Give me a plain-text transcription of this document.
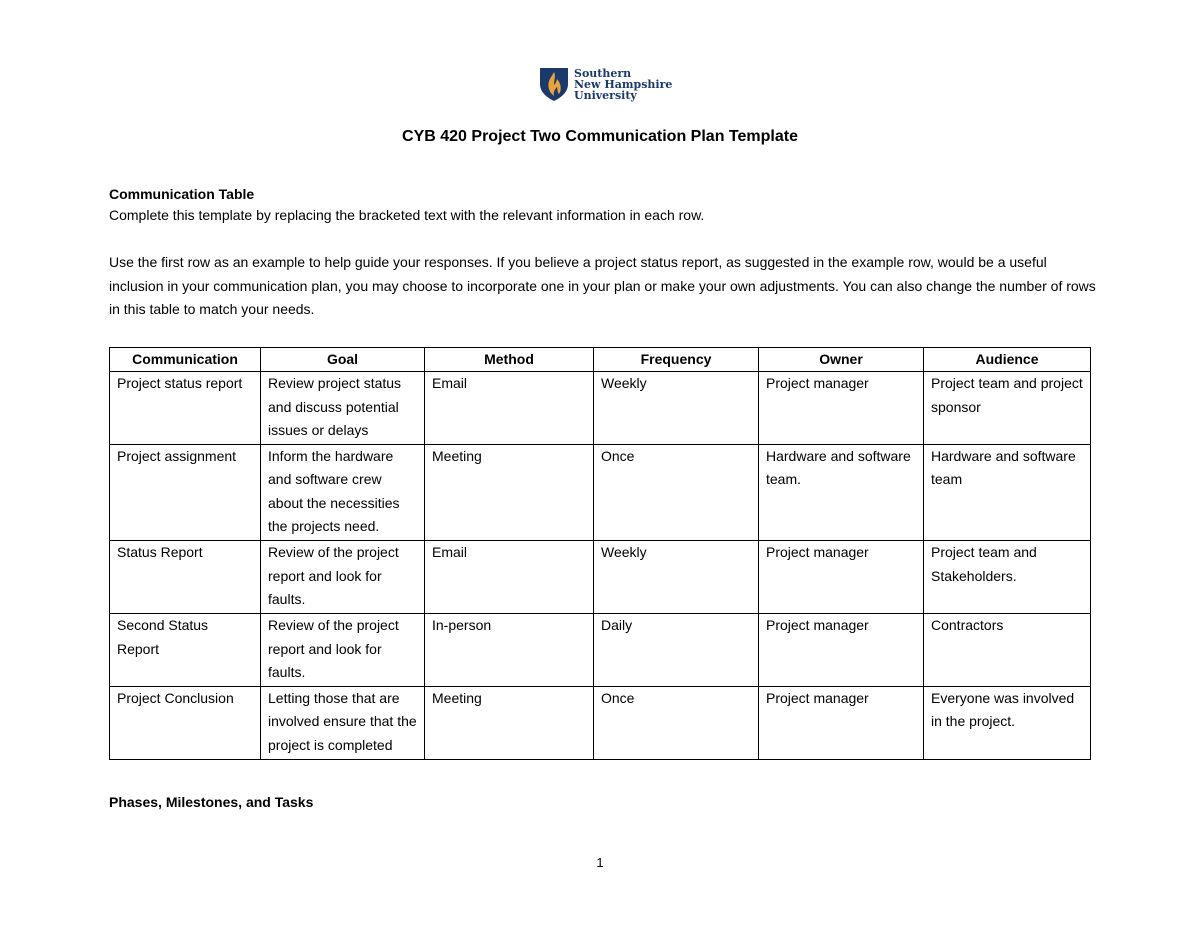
Southern
New Hampshire
University
CYB 420 Project Two Communication Plan Template
Communication Table
Complete this template by replacing the bracketed text with the relevant information in each row.
Use the first row as an example to help guide your responses. If you believe a project status report, as suggested in the example row, would be a useful inclusion in your communication plan, you may choose to incorporate one in your plan or make your own adjustments. You can also change the number of rows in this table to match your needs.
Communication	Goal	Method	Frequency	Owner	Audience
Project status report	Review project status and discuss potential issues or delays	Email	Weekly	Project manager	Project team and project sponsor
Project assignment	Inform the hardware and software crew about the necessities the projects need.	Meeting	Once	Hardware and software team.	Hardware and software team
Status Report	Review of the project report and look for faults.	Email	Weekly	Project manager	Project team and Stakeholders.
Second Status Report	Review of the project report and look for faults.	In-person	Daily	Project manager	Contractors
Project Conclusion	Letting those that are involved ensure that the project is completed	Meeting	Once	Project manager	Everyone was involved in the project.
Phases, Milestones, and Tasks
1
